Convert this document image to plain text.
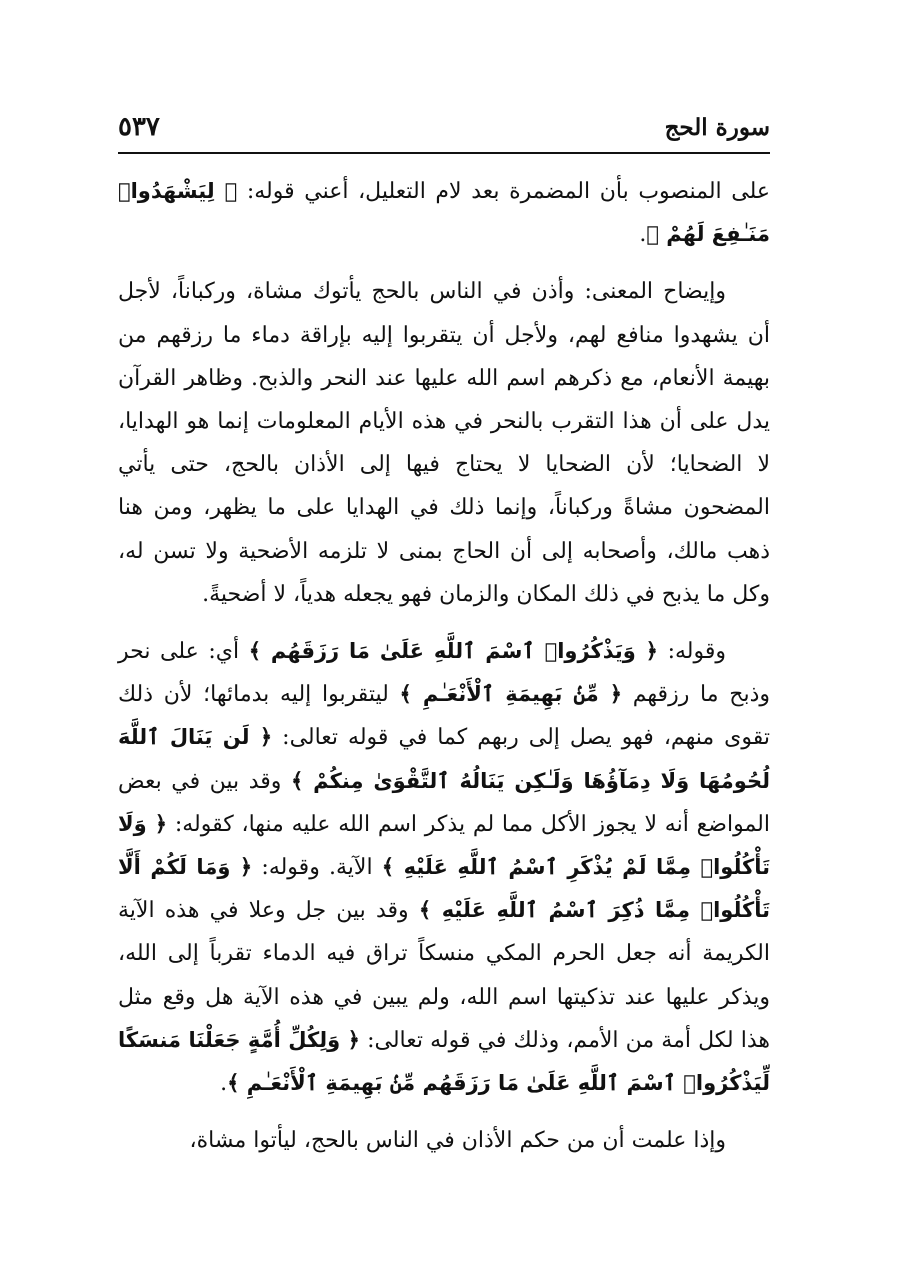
سورة الحج
٥٣٧

على المنصوب بأن المضمرة بعد لام التعليل، أعني قوله: ﴿ لِيَشْهَدُوا۟ مَنَـٰفِعَ لَهُمْ ﴾.

وإيضاح المعنى: وأذن في الناس بالحج يأتوك مشاة، وركباناً، لأجل أن يشهدوا منافع لهم، ولأجل أن يتقربوا إليه بإراقة دماء ما رزقهم من بهيمة الأنعام، مع ذكرهم اسم الله عليها عند النحر والذبح. وظاهر القرآن يدل على أن هذا التقرب بالنحر في هذه الأيام المعلومات إنما هو الهدايا، لا الضحايا؛ لأن الضحايا لا يحتاج فيها إلى الأذان بالحج، حتى يأتي المضحون مشاةً وركباناً، وإنما ذلك في الهدايا على ما يظهر، ومن هنا ذهب مالك، وأصحابه إلى أن الحاج بمنى لا تلزمه الأضحية ولا تسن له، وكل ما يذبح في ذلك المكان والزمان فهو يجعله هدياً، لا أضحيةً.

وقوله: ﴿ وَيَذْكُرُوا۟ ٱسْمَ ٱللَّهِ عَلَىٰ مَا رَزَقَهُم ﴾ أي: على نحر وذبح ما رزقهم ﴿ مِّنۢ بَهِيمَةِ ٱلْأَنْعَـٰمِ ﴾ ليتقربوا إليه بدمائها؛ لأن ذلك تقوى منهم، فهو يصل إلى ربهم كما في قوله تعالى: ﴿ لَن يَنَالَ ٱللَّهَ لُحُومُهَا وَلَا دِمَآؤُهَا وَلَـٰكِن يَنَالُهُ ٱلتَّقْوَىٰ مِنكُمْ ﴾ وقد بين في بعض المواضع أنه لا يجوز الأكل مما لم يذكر اسم الله عليه منها، كقوله: ﴿ وَلَا تَأْكُلُوا۟ مِمَّا لَمْ يُذْكَرِ ٱسْمُ ٱللَّهِ عَلَيْهِ ﴾ الآية. وقوله: ﴿ وَمَا لَكُمْ أَلَّا تَأْكُلُوا۟ مِمَّا ذُكِرَ ٱسْمُ ٱللَّهِ عَلَيْهِ ﴾ وقد بين جل وعلا في هذه الآية الكريمة أنه جعل الحرم المكي منسكاً تراق فيه الدماء تقرباً إلى الله، ويذكر عليها عند تذكيتها اسم الله، ولم يبين في هذه الآية هل وقع مثل هذا لكل أمة من الأمم، وذلك في قوله تعالى: ﴿ وَلِكُلِّ أُمَّةٍ جَعَلْنَا مَنسَكًا لِّيَذْكُرُوا۟ ٱسْمَ ٱللَّهِ عَلَىٰ مَا رَزَقَهُم مِّنۢ بَهِيمَةِ ٱلْأَنْعَـٰمِ ﴾.

وإذا علمت أن من حكم الأذان في الناس بالحج، ليأتوا مشاة،
